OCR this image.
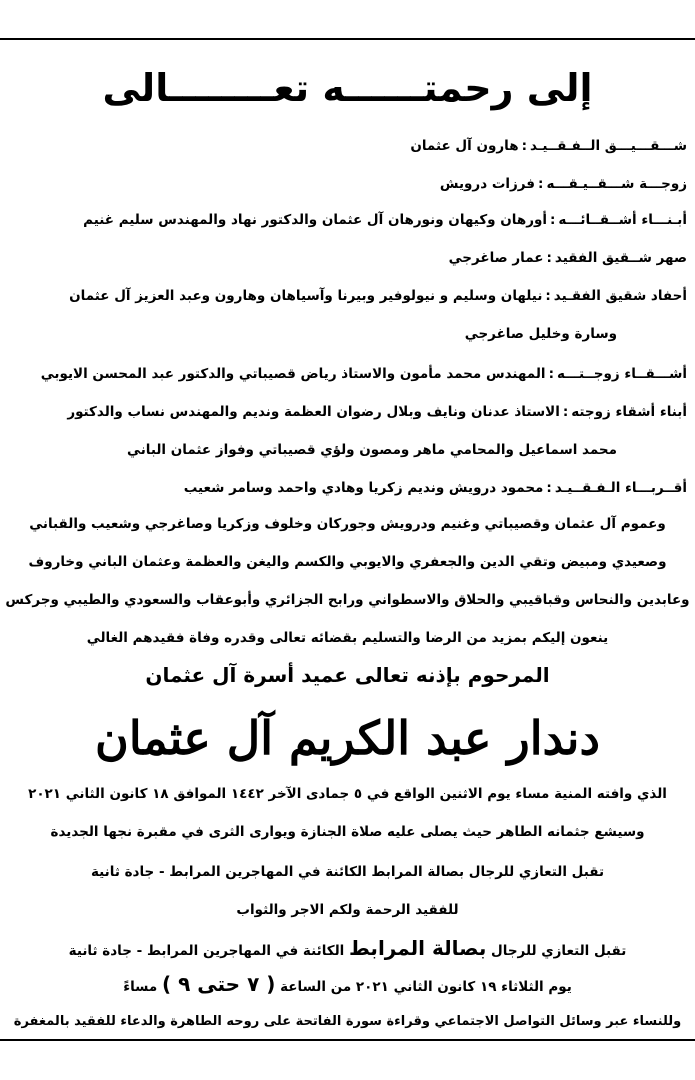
إلى رحمتــــــه تعــــــــالى
شـــقـــيـــق الــفـقــيـد:هارون آل عثمان
زوجـــة شـــقــيـقـــه:فرزات درويش
أبـنـــاء أشــقــائـــه:أورهان وكيهان ونورهان آل عثمان والدكتور نهاد والمهندس سليم غنيم
صهر شــقيق الفقيد:عمار صاغرجي
أحفاد شقيق الفقـيد:نيلهان وسليم و نيولوفير وبيرنا وآسياهان وهارون وعبد العزيز آل عثمان
وسارة وخليل صاغرجي
أشـــقــاء زوجــتـــه:المهندس محمد مأمون والاستاذ رياض قصيباتي والدكتور عبد المحسن الايوبي
أبناء أشقاء زوجته:الاستاذ عدنان ونايف وبلال رضوان العظمة ونديم والمهندس نساب والدكتور
محمد اسماعيل والمحامي ماهر ومصون ولؤي قصيباتي وفواز عثمان الباني
أقــربـــاء الـفـقــيـد:محمود درويش ونديم زكريا وهادي واحمد وسامر شعيب
وعموم آل عثمان وقصيباتي وغنيم ودرويش وجوركان وخلوف وزكريا وصاغرجي وشعيب والقباني
وصعيدي ومبيض وتقي الدين والجعفري والايوبي والكسم واليغن والعظمة وعثمان الباني وخاروف
وعابدين والنحاس وقباقيبي والحلاق والاسطواني ورابح الجزائري وأبوعقاب والسعودي والطيبي وجركس
ينعون إليكم بمزيد من الرضا والتسليم بقضائه تعالى وقدره وفاة فقيدهم الغالي
المرحوم بإذنه تعالى عميد أسرة آل عثمان
دندار عبد الكريم آل عثمان
الذي وافته المنية مساء يوم الاثنين الواقع في ٥ جمادى الآخر ١٤٤٢ الموافق ١٨ كانون الثاني ٢٠٢١
وسيشع جثمانه الطاهر حيث يصلى عليه صلاة الجنازة ويوارى الثرى في مقبرة نجها الجديدة
تقبل التعازي للرجال بصالة المرابط الكائنة في المهاجرين المرابط - جادة ثانية
للفقيد الرحمة ولكم الاجر والثواب
تقبل التعازي للرجال بصالة المرابط الكائنة في المهاجرين المرابط - جادة ثانية
يوم الثلاثاء ١٩ كانون الثاني ٢٠٢١ من الساعة ( ٧ حتى ٩ ) مساءً
وللنساء عبر وسائل التواصل الاجتماعي وقراءة سورة الفاتحة على روحه الطاهرة والدعاء للفقيد بالمغفرة
